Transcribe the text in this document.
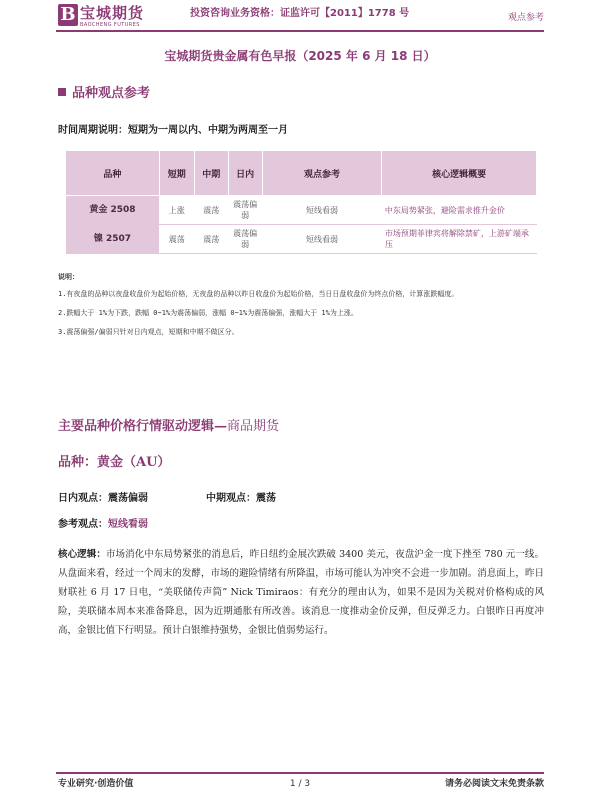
B 宝城期货
BAOCHENG FUTURES
投资咨询业务资格：证监许可【2011】1778 号	观点参考
宝城期货贵金属有色早报（2025 年 6 月 18 日）
品种观点参考
时间周期说明：短期为一周以内、中期为两周至一月
品种	短期	中期	日内	观点参考	核心逻辑概要
黄金 2508	上涨	震荡	震荡偏弱	短线看弱	中东局势紧张，避险需求推升金价
镍 2507	震荡	震荡	震荡偏弱	短线看弱	市场预期菲律宾将解除禁矿，上游矿端承压
说明：

1.有夜盘的品种以夜盘收盘价为起始价格，无夜盘的品种以昨日收盘价为起始价格，当日日盘收盘价为终点价格，计算涨跌幅度。

2.跌幅大于 1%为下跌，跌幅 0~1%为震荡偏弱，涨幅 0~1%为震荡偏强，涨幅大于 1%为上涨。

3.震荡偏强/偏弱只针对日内观点，短期和中期不做区分。

主要品种价格行情驱动逻辑—商品期货
品种：黄金（AU）
日内观点：震荡偏弱	中期观点：震荡
参考观点：短线看弱
核心逻辑：市场消化中东局势紧张的消息后，昨日纽约金展次跌破 3400 美元，夜盘沪金一度下挫至 780 元一线。从盘面来看，经过一个周末的发酵，市场的避险情绪有所降温，市场可能认为冲突不会进一步加剧。消息面上，昨日财联社 6 月 17 日电，“美联储传声筒” Nick Timiraos：有充分的理由认为，如果不是因为关税对价格构成的风险，美联储本周本来准备降息，因为近期通胀有所改善。该消息一度推动金价反弹，但反弹乏力。白银昨日再度冲高，金银比值下行明显。预计白银维持强势，金银比值弱势运行。
专业研究·创造价值	1 / 3	请务必阅读文末免责条款
